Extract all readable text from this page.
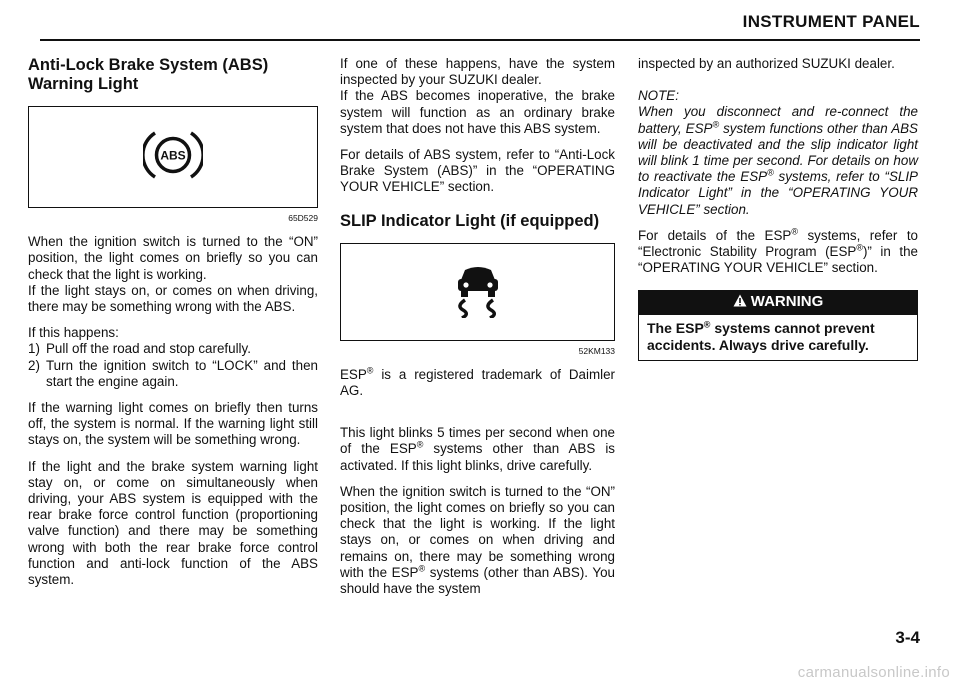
INSTRUMENT PANEL
Anti-Lock Brake System (ABS) Warning Light
ABS
65D529

When the ignition switch is turned to the “ON” position, the light comes on briefly so you can check that the light is working.

If the light stays on, or comes on when driving, there may be something wrong with the ABS.

If this happens:

1) Pull off the road and stop carefully.
2) Turn the ignition switch to “LOCK” and then start the engine again.

If the warning light comes on briefly then turns off, the system is normal. If the warning light still stays on, the system will be something wrong.

If the light and the brake system warning light stay on, or come on simultaneously when driving, your ABS system is equipped with the rear brake force control function (proportioning valve function) and there may be something wrong with both the rear brake force control function and anti-lock function of the ABS system.

If one of these happens, have the system inspected by your SUZUKI dealer.

If the ABS becomes inoperative, the brake system will function as an ordinary brake system that does not have this ABS system.

For details of ABS system, refer to “Anti-Lock Brake System (ABS)” in the “OPERATING YOUR VEHICLE” section.

SLIP Indicator Light (if equipped)
52KM133

ESP® is a registered trademark of Daimler AG.

This light blinks 5 times per second when one of the ESP® systems other than ABS is activated. If this light blinks, drive carefully.

When the ignition switch is turned to the “ON” position, the light comes on briefly so you can check that the light is working. If the light stays on, or comes on when driving and remains on, there may be something wrong with the ESP® systems (other than ABS). You should have the system

inspected by an authorized SUZUKI dealer.

NOTE:

When you disconnect and re-connect the battery, ESP® system functions other than ABS will be deactivated and the slip indicator light will blink 1 time per second. For details on how to reactivate the ESP® systems, refer to “SLIP Indicator Light” in the “OPERATING YOUR VEHICLE” section.

For details of the ESP® systems, refer to “Electronic Stability Program (ESP®)” in the “OPERATING YOUR VEHICLE” section.

WARNING
The ESP® systems cannot prevent accidents. Always drive carefully.
3-4
carmanualsonline.info
